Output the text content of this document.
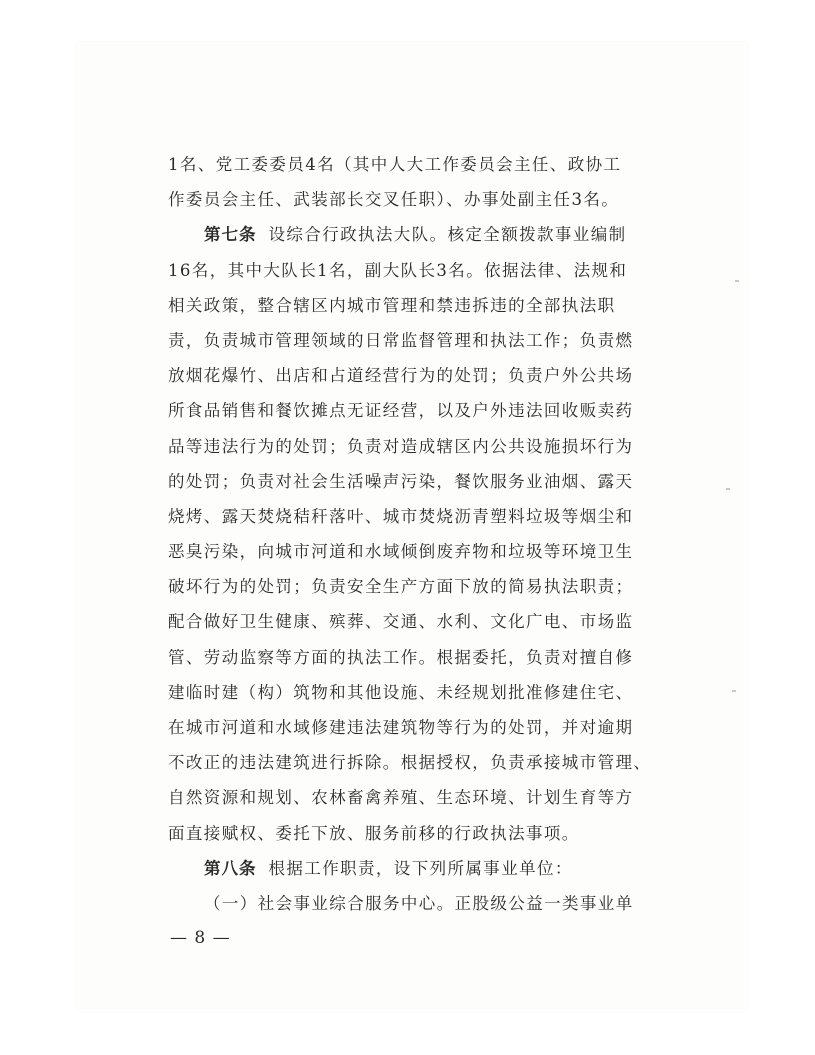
1名、党工委委员4名（其中人大工作委员会主任、政协工
作委员会主任、武装部长交叉任职）、办事处副主任3名。
第七条 设综合行政执法大队。核定全额拨款事业编制
16名，其中大队长1名，副大队长3名。依据法律、法规和
相关政策，整合辖区内城市管理和禁违拆违的全部执法职
责，负责城市管理领域的日常监督管理和执法工作；负责燃
放烟花爆竹、出店和占道经营行为的处罚；负责户外公共场
所食品销售和餐饮摊点无证经营，以及户外违法回收贩卖药
品等违法行为的处罚；负责对造成辖区内公共设施损坏行为
的处罚；负责对社会生活噪声污染，餐饮服务业油烟、露天
烧烤、露天焚烧秸秆落叶、城市焚烧沥青塑料垃圾等烟尘和
恶臭污染，向城市河道和水域倾倒废弃物和垃圾等环境卫生
破坏行为的处罚；负责安全生产方面下放的简易执法职责；
配合做好卫生健康、殡葬、交通、水利、文化广电、市场监
管、劳动监察等方面的执法工作。根据委托，负责对擅自修
建临时建（构）筑物和其他设施、未经规划批准修建住宅、
在城市河道和水域修建违法建筑物等行为的处罚，并对逾期
不改正的违法建筑进行拆除。根据授权，负责承接城市管理、
自然资源和规划、农林畜禽养殖、生态环境、计划生育等方
面直接赋权、委托下放、服务前移的行政执法事项。
第八条 根据工作职责，设下列所属事业单位：
（一）社会事业综合服务中心。正股级公益一类事业单
— 8 —
